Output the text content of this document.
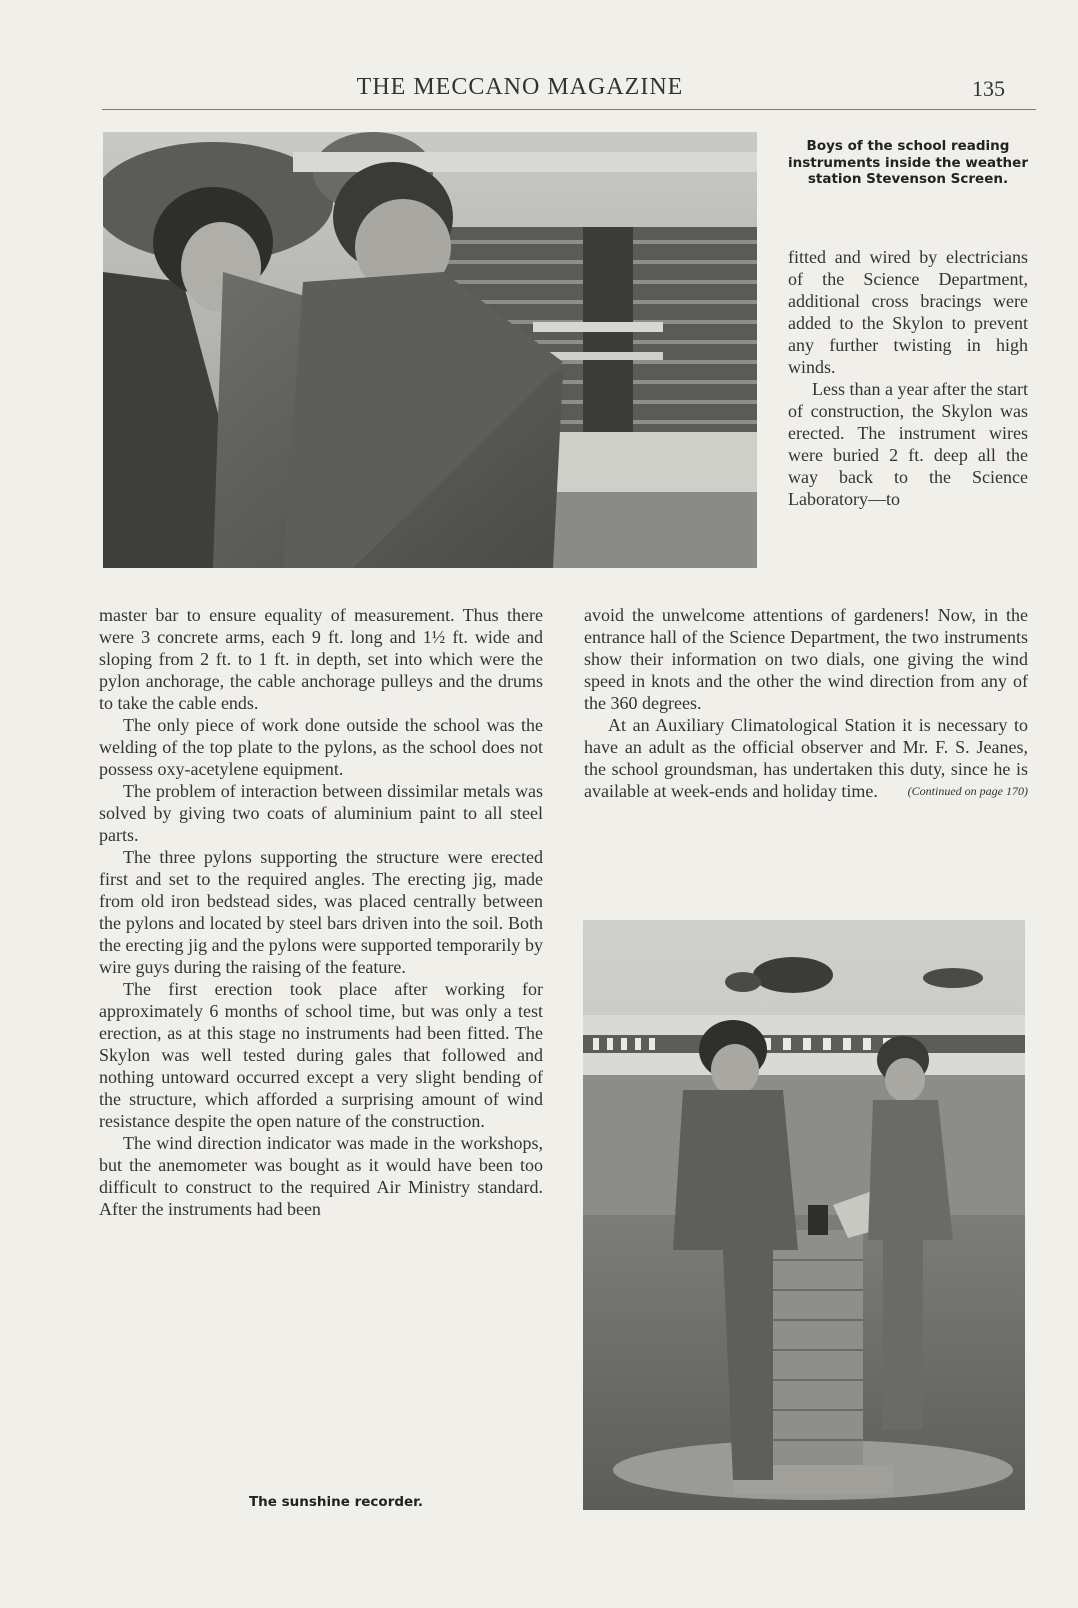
THE MECCANO MAGAZINE	135
Boys of the school reading instruments inside the weather station Stevenson Screen.

fitted and wired by electricians of the Science Department, additional cross bracings were added to the Skylon to prevent any further twisting in high winds.

Less than a year after the start of construction, the Skylon was erected. The instrument wires were buried 2 ft. deep all the way back to the Science Laboratory—to

master bar to ensure equality of measurement. Thus there were 3 concrete arms, each 9 ft. long and 1½ ft. wide and sloping from 2 ft. to 1 ft. in depth, set into which were the pylon anchorage, the cable anchorage pulleys and the drums to take the cable ends.

The only piece of work done outside the school was the welding of the top plate to the pylons, as the school does not possess oxy-acetylene equipment.

The problem of interaction between dissimilar metals was solved by giving two coats of aluminium paint to all steel parts.

The three pylons supporting the structure were erected first and set to the required angles. The erecting jig, made from old iron bedstead sides, was placed centrally between the pylons and located by steel bars driven into the soil. Both the erecting jig and the pylons were supported temporarily by wire guys during the raising of the feature.

The first erection took place after working for approximately 6 months of school time, but was only a test erection, as at this stage no instruments had been fitted. The Skylon was well tested during gales that followed and nothing untoward occurred except a very slight bending of the structure, which afforded a surprising amount of wind resistance despite the open nature of the construction.

The wind direction indicator was made in the workshops, but the anemometer was bought as it would have been too difficult to construct to the required Air Ministry standard. After the instruments had been

avoid the unwelcome attentions of gardeners! Now, in the entrance hall of the Science Department, the two instruments show their information on two dials, one giving the wind speed in knots and the other the wind direction from any of the 360 degrees.

At an Auxiliary Climatological Station it is necessary to have an adult as the official observer and Mr. F. S. Jeanes, the school groundsman, has undertaken this duty, since he is available at week-ends and holiday time.	(Continued on page 170)

The sunshine recorder.
